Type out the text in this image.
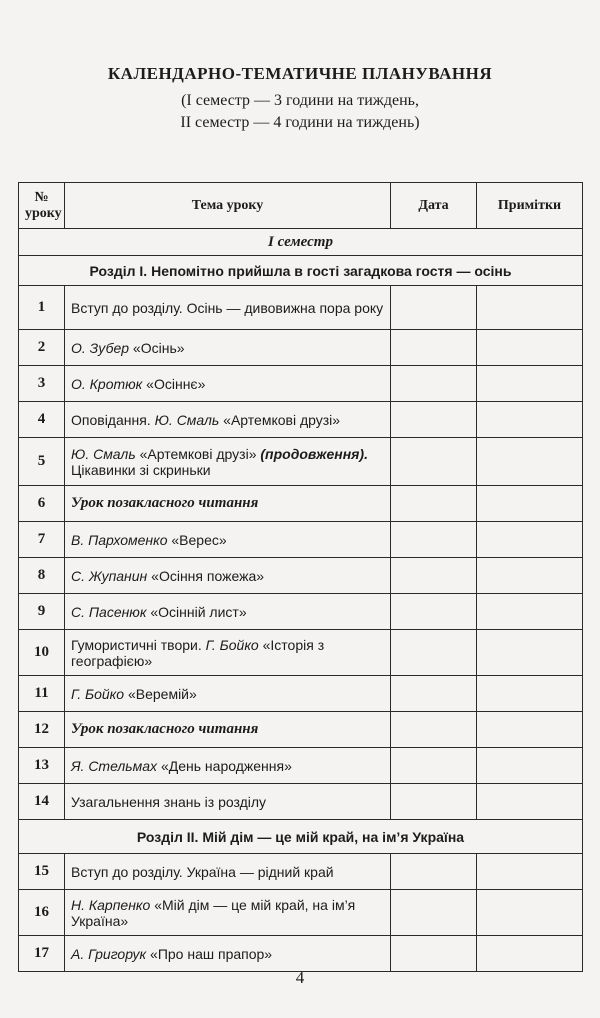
КАЛЕНДАРНО-ТЕМАТИЧНЕ ПЛАНУВАННЯ
(І семестр — 3 години на тиждень,
ІІ семестр — 4 години на тиждень)
№ уроку	Тема уроку	Дата	Примітки
І семестр			
Розділ І. Непомітно прийшла в гості загадкова гостя — осінь			
1	Вступ до розділу. Осінь — дивовижна пора року		
2	О. Зубер «Осінь»		
3	О. Кротюк «Осіннє»		
4	Оповідання. Ю. Смаль «Артемкові друзі»		
5	Ю. Смаль «Артемкові друзі» (продовження).
Цікавинки зі скриньки		
6	Урок позакласного читання		
7	В. Пархоменко «Верес»		
8	С. Жупанин «Осіння пожежа»		
9	С. Пасенюк «Осінній лист»		
10	Гумористичні твори. Г. Бойко «Історія з географією»		
11	Г. Бойко «Веремій»		
12	Урок позакласного читання		
13	Я. Стельмах «День народження»		
14	Узагальнення знань із розділу		
Розділ ІІ. Мій дім — це мій край, на ім’я Україна			
15	Вступ до розділу. Україна — рідний край		
16	Н. Карпенко «Мій дім — це мій край, на ім’я Україна»		
17	А. Григорук «Про наш прапор»		
4
